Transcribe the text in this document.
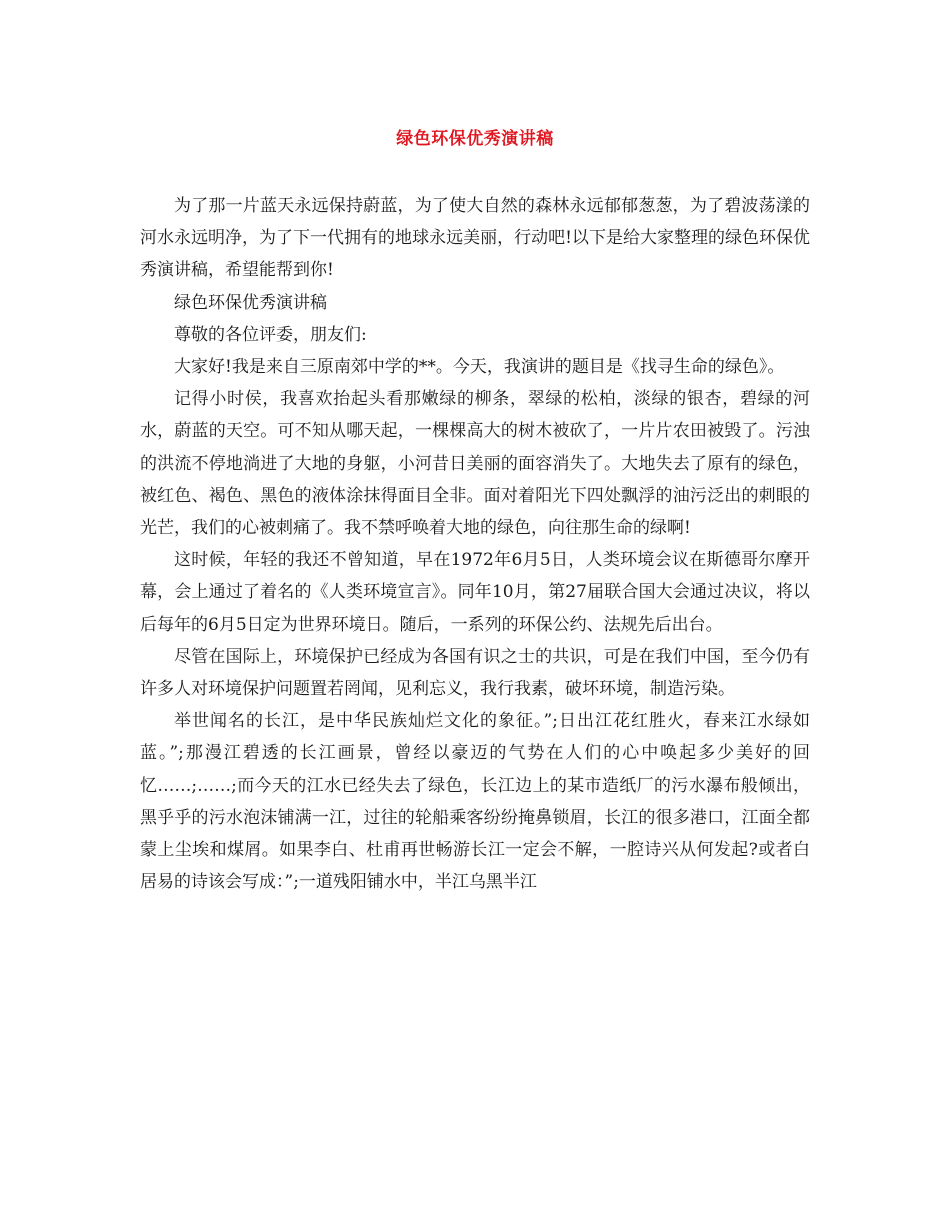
绿色环保优秀演讲稿

为了那一片蓝天永远保持蔚蓝，为了使大自然的森林永远郁郁葱葱，为了碧波荡漾的河水永远明净，为了下一代拥有的地球永远美丽，行动吧!以下是给大家整理的绿色环保优秀演讲稿，希望能帮到你!

绿色环保优秀演讲稿

尊敬的各位评委，朋友们:

大家好!我是来自三原南郊中学的**。今天，我演讲的题目是《找寻生命的绿色》。

记得小时侯，我喜欢抬起头看那嫩绿的柳条，翠绿的松柏，淡绿的银杏，碧绿的河水，蔚蓝的天空。可不知从哪天起，一棵棵高大的树木被砍了，一片片农田被毁了。污浊的洪流不停地淌进了大地的身躯，小河昔日美丽的面容消失了。大地失去了原有的绿色，被红色、褐色、黑色的液体涂抹得面目全非。面对着阳光下四处飘浮的油污泛出的刺眼的光芒，我们的心被刺痛了。我不禁呼唤着大地的绿色，向往那生命的绿啊!

这时候，年轻的我还不曾知道，早在1972年6月5日，人类环境会议在斯德哥尔摩开幕，会上通过了着名的《人类环境宣言》。同年10月，第27届联合国大会通过决议，将以后每年的6月5日定为世界环境日。随后，一系列的环保公约、法规先后出台。

尽管在国际上，环境保护已经成为各国有识之士的共识，可是在我们中国，至今仍有许多人对环境保护问题置若罔闻，见利忘义，我行我素，破坏环境，制造污染。

举世闻名的长江，是中华民族灿烂文化的象征。”;日出江花红胜火，春来江水绿如蓝。”;那漫江碧透的长江画景，曾经以豪迈的气势在人们的心中唤起多少美好的回忆……;……;而今天的江水已经失去了绿色，长江边上的某市造纸厂的污水瀑布般倾出，黑乎乎的污水泡沫铺满一江，过往的轮船乘客纷纷掩鼻锁眉，长江的很多港口，江面全都蒙上尘埃和煤屑。如果李白、杜甫再世畅游长江一定会不解，一腔诗兴从何发起?或者白居易的诗该会写成：”;一道残阳铺水中，半江乌黑半江
